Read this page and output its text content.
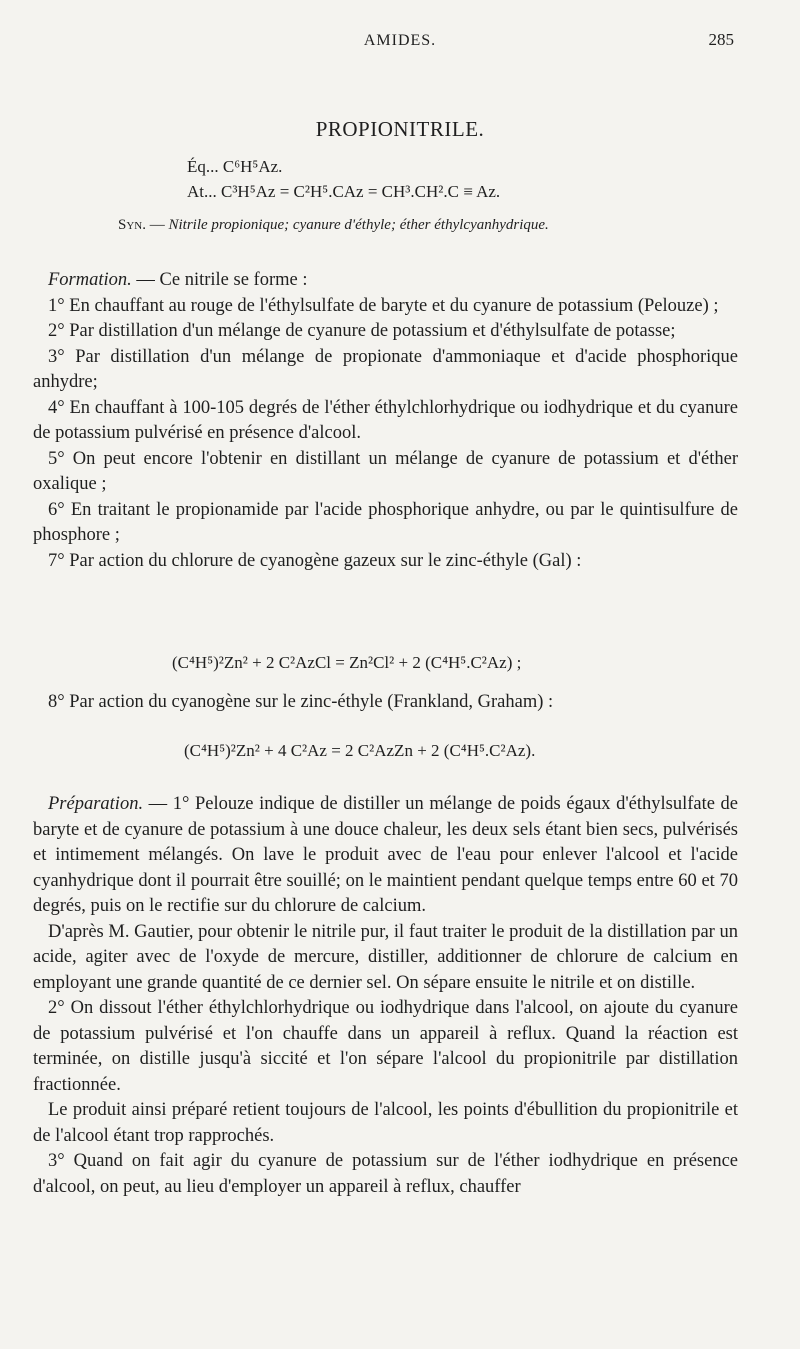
AMIDES.	285
PROPIONITRILE.
Éq... C⁶H⁵Az.
At... C³H⁵Az = C²H⁵.CAz = CH³.CH².C ≡ Az.
Syn. — Nitrile propionique; cyanure d'éthyle; éther éthylcyanhydrique.

Formation. — Ce nitrile se forme :

1° En chauffant au rouge de l'éthylsulfate de baryte et du cyanure de potassium (Pelouze) ;

2° Par distillation d'un mélange de cyanure de potassium et d'éthylsulfate de potasse;

3° Par distillation d'un mélange de propionate d'ammoniaque et d'acide phosphorique anhydre;

4° En chauffant à 100-105 degrés de l'éther éthylchlorhydrique ou iodhydrique et du cyanure de potassium pulvérisé en présence d'alcool.

5° On peut encore l'obtenir en distillant un mélange de cyanure de potassium et d'éther oxalique ;

6° En traitant le propionamide par l'acide phosphorique anhydre, ou par le quintisulfure de phosphore ;

7° Par action du chlorure de cyanogène gazeux sur le zinc-éthyle (Gal) :

(C⁴H⁵)²Zn² + 2 C²AzCl = Zn²Cl² + 2 (C⁴H⁵.C²Az) ;

8° Par action du cyanogène sur le zinc-éthyle (Frankland, Graham) :

(C⁴H⁵)²Zn² + 4 C²Az = 2 C²AzZn + 2 (C⁴H⁵.C²Az).

Préparation. — 1° Pelouze indique de distiller un mélange de poids égaux d'éthylsulfate de baryte et de cyanure de potassium à une douce chaleur, les deux sels étant bien secs, pulvérisés et intimement mélangés. On lave le produit avec de l'eau pour enlever l'alcool et l'acide cyanhydrique dont il pourrait être souillé; on le maintient pendant quelque temps entre 60 et 70 degrés, puis on le rectifie sur du chlorure de calcium.

D'après M. Gautier, pour obtenir le nitrile pur, il faut traiter le produit de la distillation par un acide, agiter avec de l'oxyde de mercure, distiller, additionner de chlorure de calcium en employant une grande quantité de ce dernier sel. On sépare ensuite le nitrile et on distille.

2° On dissout l'éther éthylchlorhydrique ou iodhydrique dans l'alcool, on ajoute du cyanure de potassium pulvérisé et l'on chauffe dans un appareil à reflux. Quand la réaction est terminée, on distille jusqu'à siccité et l'on sépare l'alcool du propionitrile par distillation fractionnée.

Le produit ainsi préparé retient toujours de l'alcool, les points d'ébullition du propionitrile et de l'alcool étant trop rapprochés.

3° Quand on fait agir du cyanure de potassium sur de l'éther iodhydrique en présence d'alcool, on peut, au lieu d'employer un appareil à reflux, chauffer
